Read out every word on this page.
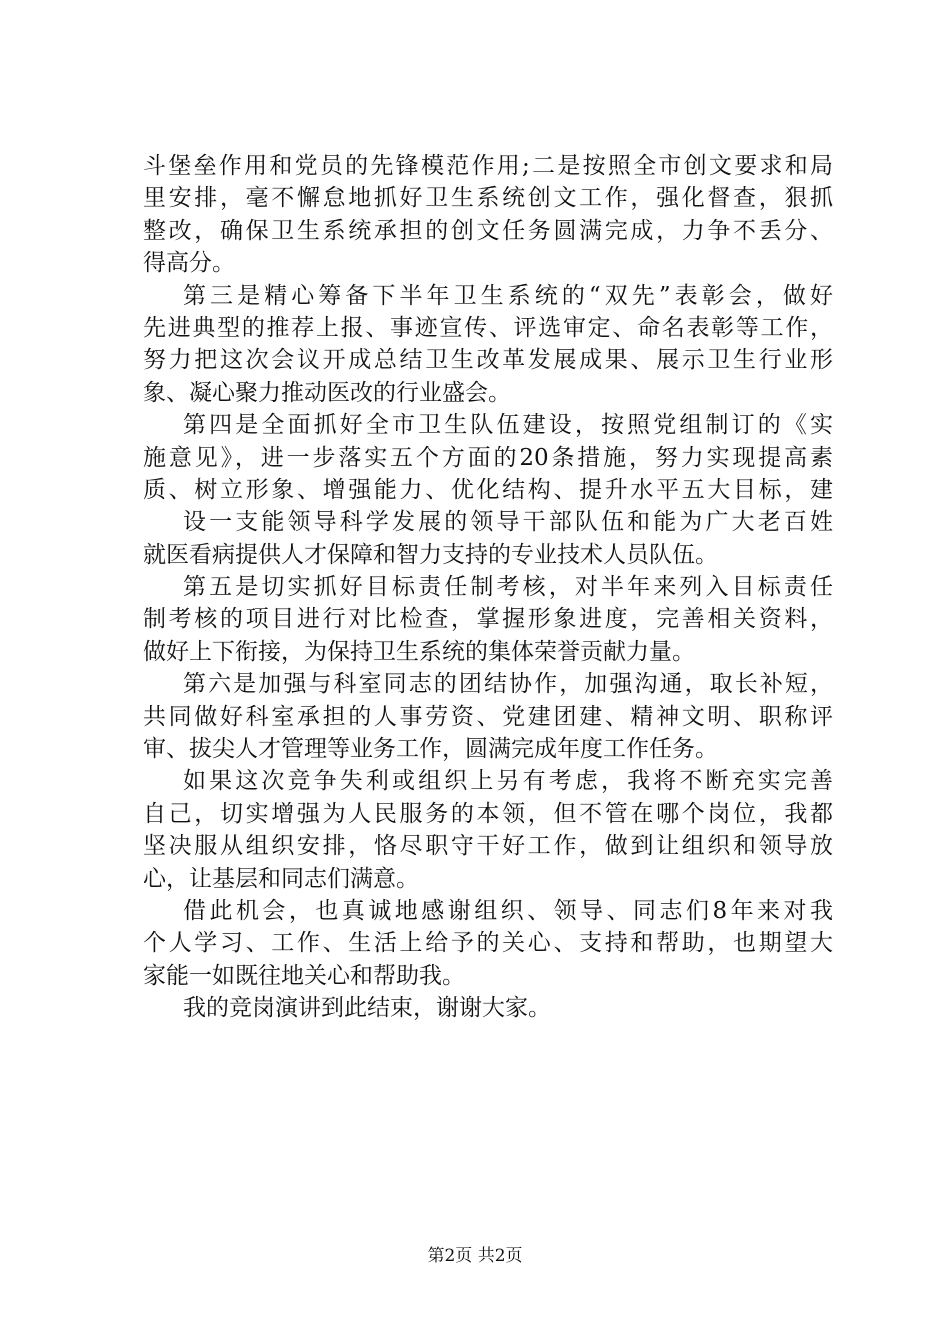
斗堡垒作用和党员的先锋模范作用;二是按照全市创文要求和局
里安排，毫不懈怠地抓好卫生系统创文工作，强化督查，狠抓
整改，确保卫生系统承担的创文任务圆满完成，力争不丢分、
得高分。
第三是精心筹备下半年卫生系统的“双先”表彰会，做好
先进典型的推荐上报、事迹宣传、评选审定、命名表彰等工作，
努力把这次会议开成总结卫生改革发展成果、展示卫生行业形
象、凝心聚力推动医改的行业盛会。
第四是全面抓好全市卫生队伍建设，按照党组制订的《实
施意见》，进一步落实五个方面的20条措施，努力实现提高素
质、树立形象、增强能力、优化结构、提升水平五大目标，建
设一支能领导科学发展的领导干部队伍和能为广大老百姓
就医看病提供人才保障和智力支持的专业技术人员队伍。
第五是切实抓好目标责任制考核，对半年来列入目标责任
制考核的项目进行对比检查，掌握形象进度，完善相关资料，
做好上下衔接，为保持卫生系统的集体荣誉贡献力量。
第六是加强与科室同志的团结协作，加强沟通，取长补短，
共同做好科室承担的人事劳资、党建团建、精神文明、职称评
审、拔尖人才管理等业务工作，圆满完成年度工作任务。
如果这次竞争失利或组织上另有考虑，我将不断充实完善
自己，切实增强为人民服务的本领，但不管在哪个岗位，我都
坚决服从组织安排，恪尽职守干好工作，做到让组织和领导放
心，让基层和同志们满意。
借此机会，也真诚地感谢组织、领导、同志们8年来对我
个人学习、工作、生活上给予的关心、支持和帮助，也期望大
家能一如既往地关心和帮助我。
我的竞岗演讲到此结束，谢谢大家。
第2页 共2页
